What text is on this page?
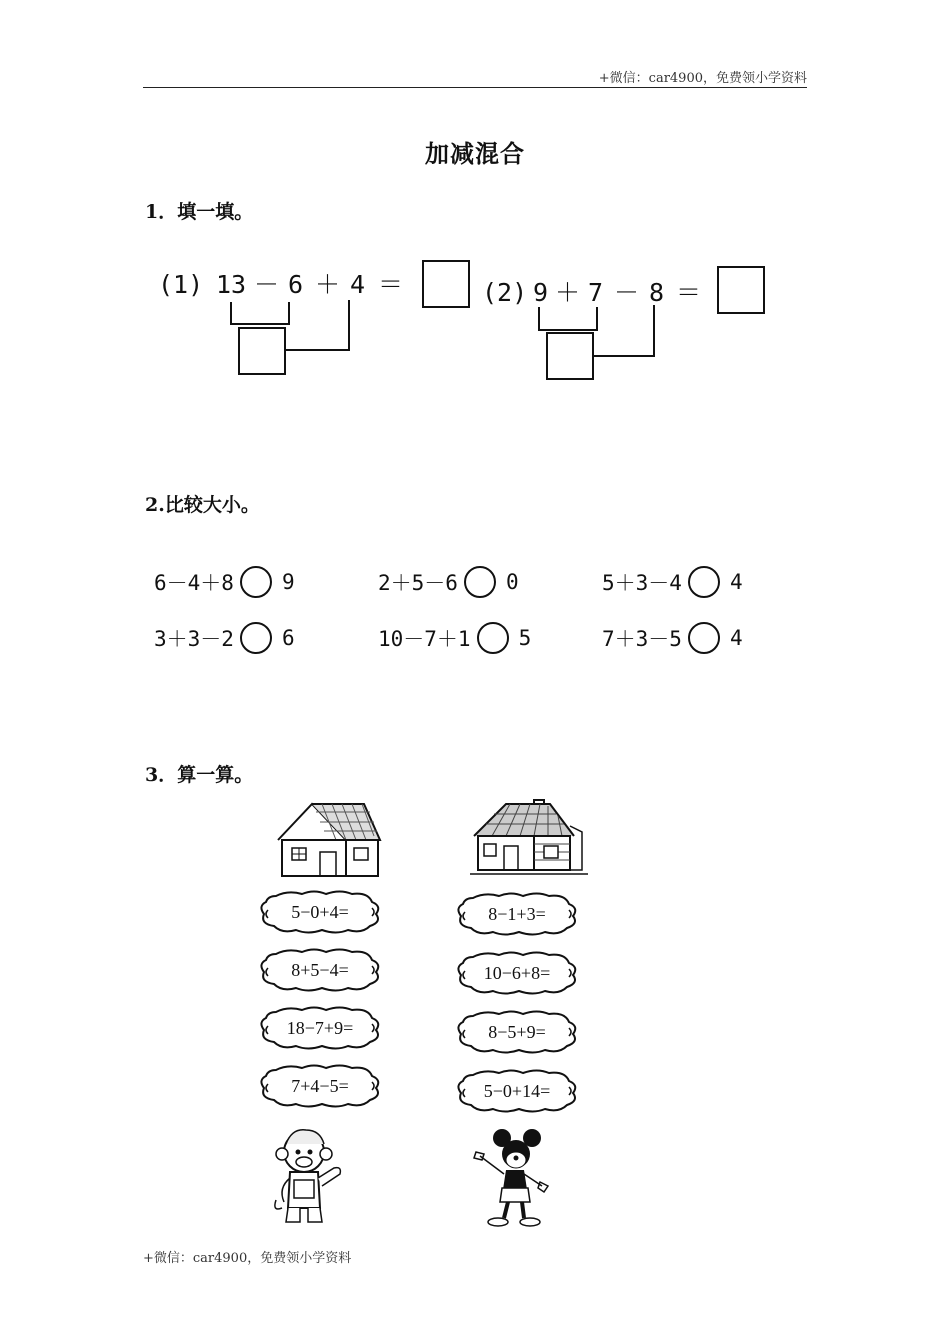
+微信：car4900，免费领小学资料
加减混合
1．填一填。
(1) 13 － 6 ＋ 4 ＝	(2) 9 ＋ 7 － 8 ＝
2.比较大小。
6－4＋8 9	2＋5－6 0	5＋3－4 4
3＋3－2 6	10－7＋1 5	7＋3－5 4
3．算一算。
5−0+4=
8+5−4=
18−7+9=
7+4−5=
8−1+3=
10−6+8=
8−5+9=
5−0+14=
+微信：car4900，免费领小学资料
